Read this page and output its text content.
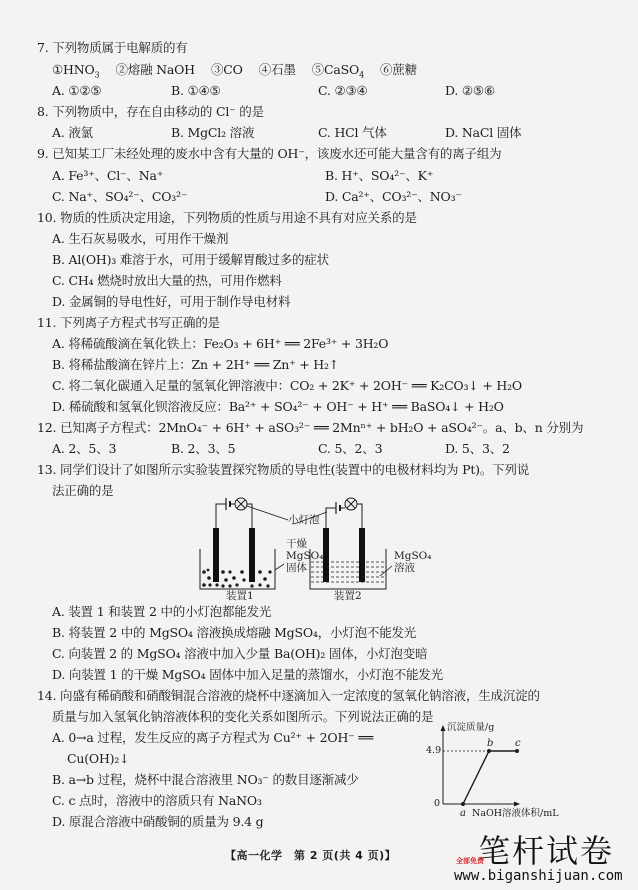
7. 下列物质属于电解质的有
$①HNO_3$　 ②熔融 NaOH　 ③CO　 ④石墨　 ⑤CaSO$_4$　 ⑥蔗糖
A. ①②⑤	B. ①④⑤	C. ②③④	D. ②⑤⑥
8. 下列物质中，存在自由移动的 Cl⁻ 的是
A. 液氯	B. MgCl₂ 溶液	C. HCl 气体	D. NaCl 固体
9. 已知某工厂未经处理的废水中含有大量的 OH⁻，该废水还可能大量含有的离子组为
A. Fe³⁺、Cl⁻、Na⁺	B. H⁺、SO₄²⁻、K⁺
C. Na⁺、SO₄²⁻、CO₃²⁻	D. Ca²⁺、CO₃²⁻、NO₃⁻
10. 物质的性质决定用途，下列物质的性质与用途不具有对应关系的是
A. 生石灰易吸水，可用作干燥剂
B. Al(OH)₃ 难溶于水，可用于缓解胃酸过多的症状
C. CH₄ 燃烧时放出大量的热，可用作燃料
D. 金属铜的导电性好，可用于制作导电材料
11. 下列离子方程式书写正确的是
A. 将稀硫酸滴在氧化铁上：Fe₂O₃ + 6H⁺ ══ 2Fe³⁺ + 3H₂O
B. 将稀盐酸滴在锌片上：Zn + 2H⁺ ══ Zn⁺ + H₂↑
C. 将二氧化碳通入足量的氢氧化钾溶液中：CO₂ + 2K⁺ + 2OH⁻ ══ K₂CO₃↓ + H₂O
D. 稀硫酸和氢氧化钡溶液反应：Ba²⁺ + SO₄²⁻ + OH⁻ + H⁺ ══ BaSO₄↓ + H₂O
12. 已知离子方程式：2MnO₄⁻ + 6H⁺ + aSO₃²⁻ ══ 2Mnⁿ⁺ + bH₂O + aSO₄²⁻。a、b、n 分别为
A. 2、5、3	B. 2、3、5	C. 5、2、3	D. 5、3、2
13. 同学们设计了如图所示实验装置探究物质的导电性(装置中的电极材料均为 Pt)。下列说
法正确的是
小灯泡
干燥
MgSO₄
固体
装置1
MgSO₄
溶液
装置2
A. 装置 1 和装置 2 中的小灯泡都能发光
B. 将装置 2 中的 MgSO₄ 溶液换成熔融 MgSO₄，小灯泡不能发光
C. 向装置 2 的 MgSO₄ 溶液中加入少量 Ba(OH)₂ 固体，小灯泡变暗
D. 向装置 1 的干燥 MgSO₄ 固体中加入足量的蒸馏水，小灯泡不能发光
14. 向盛有稀硝酸和硝酸铜混合溶液的烧杯中逐滴加入一定浓度的氢氧化钠溶液，生成沉淀的
质量与加入氢氧化钠溶液体积的变化关系如图所示。下列说法正确的是
A. 0→a 过程，发生反应的离子方程式为 Cu²⁺ + 2OH⁻ ══
Cu(OH)₂↓
B. a→b 过程，烧杯中混合溶液里 NO₃⁻ 的数目逐渐减少
C. c 点时，溶液中的溶质只有 NaNO₃
D. 原混合溶液中硝酸铜的质量为 9.4 g
沉淀质量/g
4.9
0
a
b c
NaOH溶液体积/mL
【高一化学　第 2 页(共 4 页)】	笔杆试卷
全部免费
www.biganshijuan.com
